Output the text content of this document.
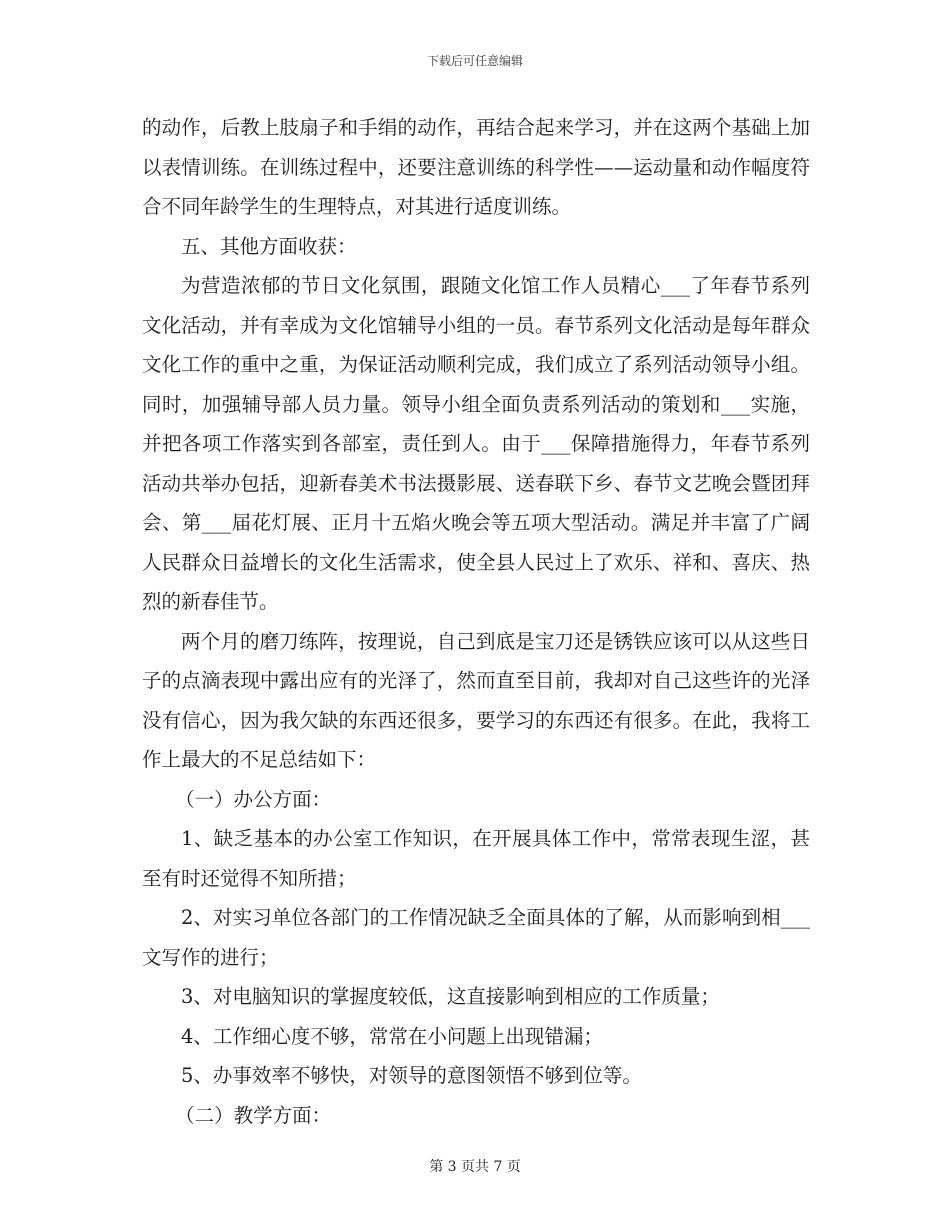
下载后可任意编辑

的动作，后教上肢扇子和手绢的动作，再结合起来学习，并在这两个基础上加以表情训练。在训练过程中，还要注意训练的科学性——运动量和动作幅度符合不同年龄学生的生理特点，对其进行适度训练。

五、其他方面收获：

为营造浓郁的节日文化氛围，跟随文化馆工作人员精心___了年春节系列文化活动，并有幸成为文化馆辅导小组的一员。春节系列文化活动是每年群众文化工作的重中之重，为保证活动顺利完成，我们成立了系列活动领导小组。同时，加强辅导部人员力量。领导小组全面负责系列活动的策划和___实施，并把各项工作落实到各部室，责任到人。由于___保障措施得力，年春节系列活动共举办包括，迎新春美术书法摄影展、送春联下乡、春节文艺晚会暨团拜会、第___届花灯展、正月十五焰火晚会等五项大型活动。满足并丰富了广阔人民群众日益增长的文化生活需求，使全县人民过上了欢乐、祥和、喜庆、热烈的新春佳节。

两个月的磨刀练阵，按理说，自己到底是宝刀还是锈铁应该可以从这些日子的点滴表现中露出应有的光泽了，然而直至目前，我却对自己这些许的光泽没有信心，因为我欠缺的东西还很多，要学习的东西还有很多。在此，我将工作上最大的不足总结如下：

（一）办公方面：

1、缺乏基本的办公室工作知识，在开展具体工作中，常常表现生涩，甚至有时还觉得不知所措；

2、对实习单位各部门的工作情况缺乏全面具体的了解，从而影响到相___文写作的进行；

3、对电脑知识的掌握度较低，这直接影响到相应的工作质量；

4、工作细心度不够，常常在小问题上出现错漏；

5、办事效率不够快，对领导的意图领悟不够到位等。

（二）教学方面：

第 3 页共 7 页
